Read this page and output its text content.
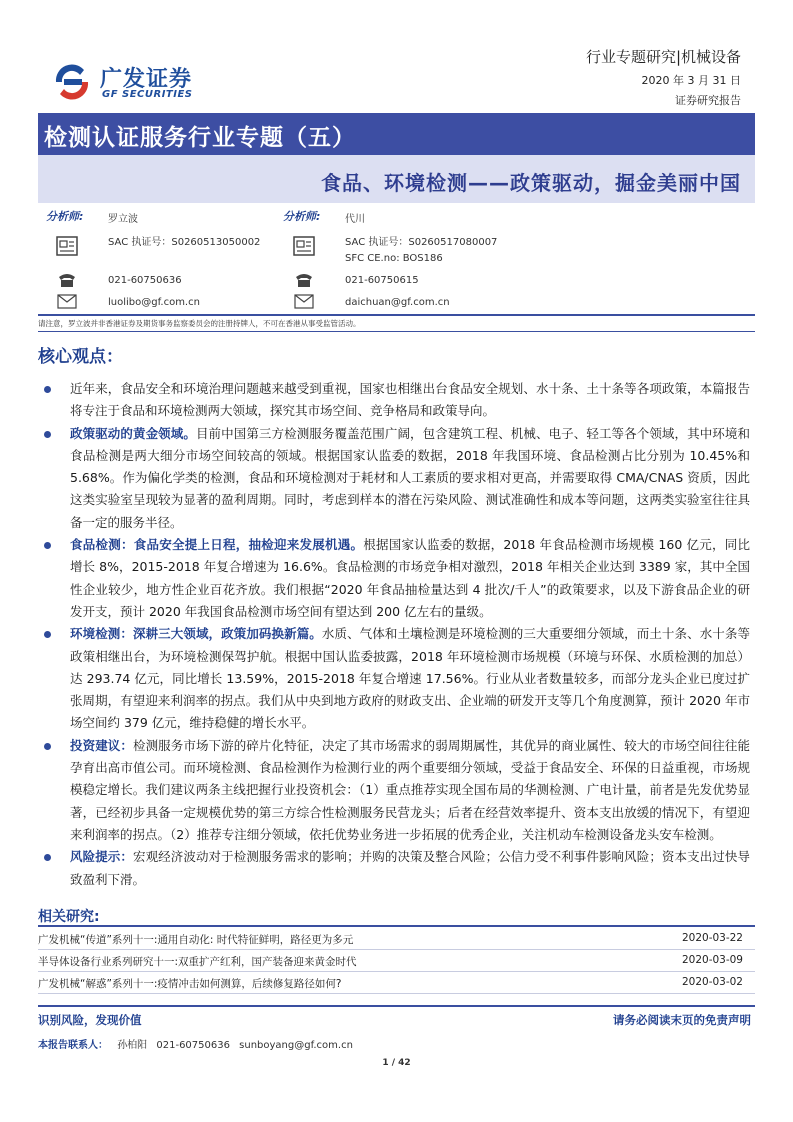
广发证券
GF SECURITIES
行业专题研究|机械设备
2020 年 3 月 31 日
证券研究报告
检测认证服务行业专题（五）
食品、环境检测——政策驱动，掘金美丽中国
分析师: 罗立波
SAC 执证号：S0260513050002
021-60750636
luolibo@gf.com.cn
分析师: 代川
SAC 执证号：S0260517080007
SFC CE.no: BOS186
021-60750615
daichuan@gf.com.cn
请注意，罗立波并非香港证券及期货事务监察委员会的注册持牌人，不可在香港从事受监管活动。
核心观点：
近年来，食品安全和环境治理问题越来越受到重视，国家也相继出台食品安全规划、水十条、土十条等各项政策，本篇报告将专注于食品和环境检测两大领域，探究其市场空间、竞争格局和政策导向。
政策驱动的黄金领域。目前中国第三方检测服务覆盖范围广阔，包含建筑工程、机械、电子、轻工等各个领域，其中环境和食品检测是两大细分市场空间较高的领域。根据国家认监委的数据，2018 年我国环境、食品检测占比分别为 10.45%和 5.68%。作为偏化学类的检测，食品和环境检测对于耗材和人工素质的要求相对更高，并需要取得 CMA/CNAS 资质，因此这类实验室呈现较为显著的盈利周期。同时，考虑到样本的潜在污染风险、测试准确性和成本等问题，这两类实验室往往具备一定的服务半径。
食品检测：食品安全提上日程，抽检迎来发展机遇。根据国家认监委的数据，2018 年食品检测市场规模 160 亿元，同比增长 8%，2015-2018 年复合增速为 16.6%。食品检测的市场竞争相对激烈，2018 年相关企业达到 3389 家，其中全国性企业较少，地方性企业百花齐放。我们根据“2020 年食品抽检量达到 4 批次/千人”的政策要求，以及下游食品企业的研发开支，预计 2020 年我国食品检测市场空间有望达到 200 亿左右的量级。
环境检测：深耕三大领域，政策加码换新篇。水质、气体和土壤检测是环境检测的三大重要细分领域，而土十条、水十条等政策相继出台，为环境检测保驾护航。根据中国认监委披露，2018 年环境检测市场规模（环境与环保、水质检测的加总）达 293.74 亿元，同比增长 13.59%，2015-2018 年复合增速 17.56%。行业从业者数量较多，而部分龙头企业已度过扩张周期，有望迎来利润率的拐点。我们从中央到地方政府的财政支出、企业端的研发开支等几个角度测算，预计 2020 年市场空间约 379 亿元，维持稳健的增长水平。
投资建议：检测服务市场下游的碎片化特征，决定了其市场需求的弱周期属性，其优异的商业属性、较大的市场空间往往能孕育出高市值公司。而环境检测、食品检测作为检测行业的两个重要细分领域，受益于食品安全、环保的日益重视，市场规模稳定增长。我们建议两条主线把握行业投资机会：（1）重点推荐实现全国布局的华测检测、广电计量，前者是先发优势显著，已经初步具备一定规模优势的第三方综合性检测服务民营龙头；后者在经营效率提升、资本支出放缓的情况下，有望迎来利润率的拐点。（2）推荐专注细分领域，依托优势业务进一步拓展的优秀企业，关注机动车检测设备龙头安车检测。
风险提示：宏观经济波动对于检测服务需求的影响；并购的决策及整合风险；公信力受不利事件影响风险；资本支出过快导致盈利下滑。
相关研究:
广发机械“传道”系列十一:通用自动化: 时代特征鲜明，路径更为多元	2020-03-22
半导体设备行业系列研究十一:双重扩产红利，国产装备迎来黄金时代	2020-03-09
广发机械“解惑”系列十一:疫情冲击如何测算，后续修复路径如何?	2020-03-02
识别风险，发现价值	请务必阅读末页的免责声明
本报告联系人： 孙柏阳 021-60750636 sunboyang@gf.com.cn
1 / 42
